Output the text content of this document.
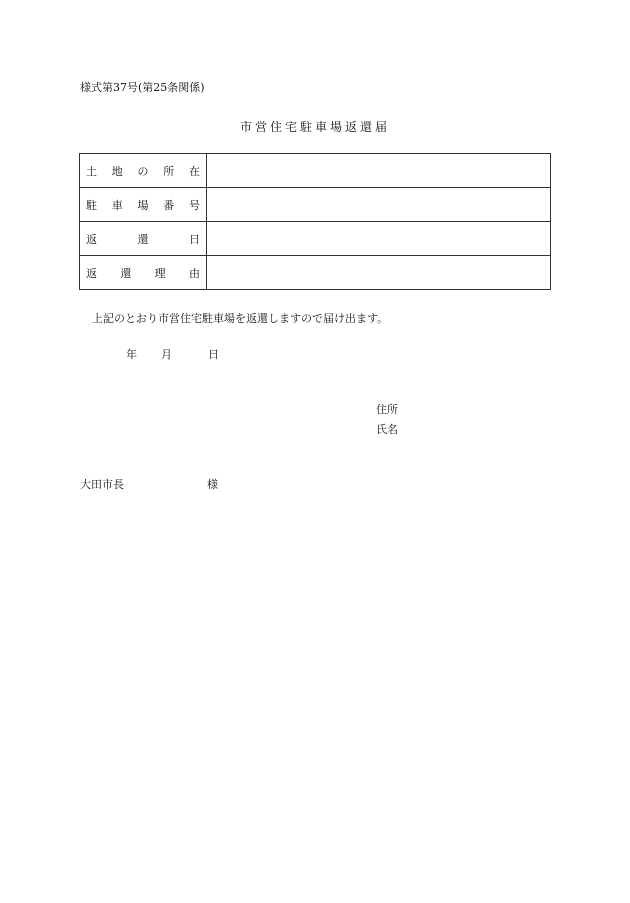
様式第37号(第25条関係)
市営住宅駐車場返還届
土 地 の 所 在	

駐 車 場 番 号	

返 還 日	

返 還 理 由	

上記のとおり市営住宅駐車場を返還しますので届け出ます。
年 月	日
住所
氏名
大田市長	様
